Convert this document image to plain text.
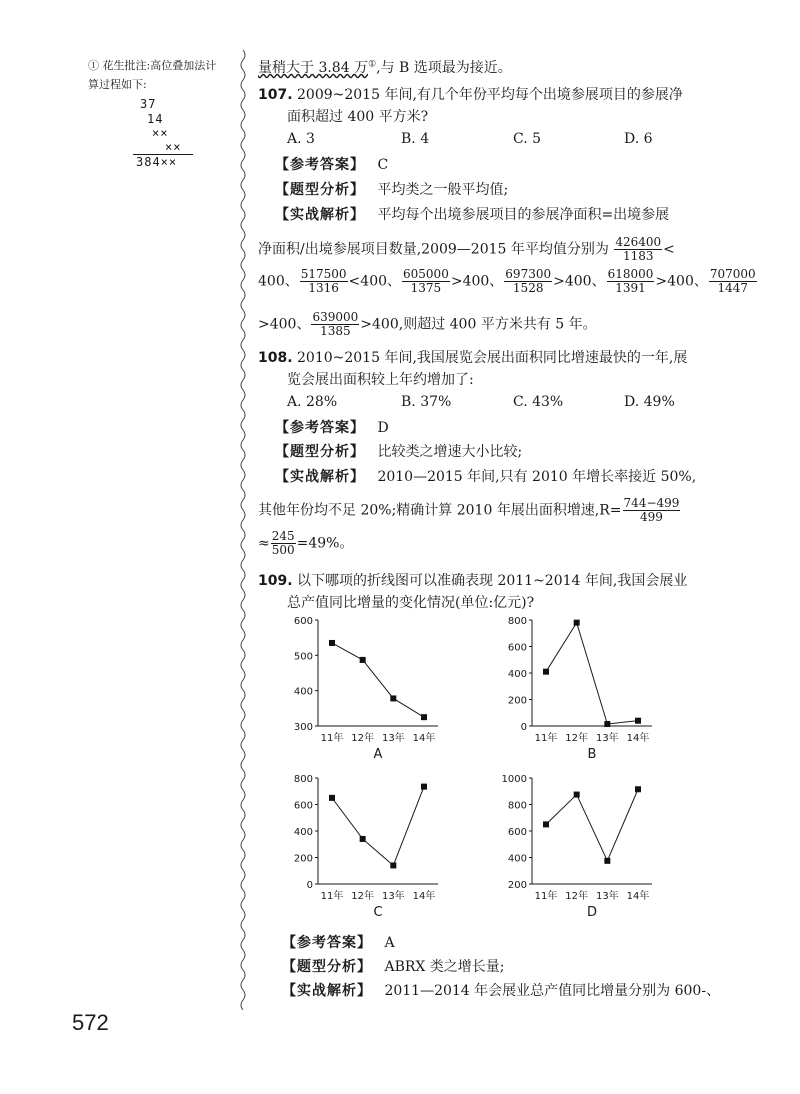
① 花生批注:高位叠加法计
算过程如下:
37
14
××
××
384××
量稍大于 3.84 万①,与 B 选项最为接近。
107. 2009~2015 年间,有几个年份平均每个出境参展项目的参展净
面积超过 400 平方米?
A. 3	B. 4	C. 5	D. 6
【参考答案】 C
【题型分析】 平均类之一般平均值;
【实战解析】 平均每个出境参展项目的参展净面积=出境参展
净面积/出境参展项目数量,2009—2015 年平均值分别为 $\frac{426400}{1183}$ <
400、 $\frac{517500}{1316} <400$、 $\frac{605000}{1375} >400$、 $\frac{697300}{1528} >400$、 $\frac{618000}{1391} >400$、 $\frac{707000}{1447}$
>400、 $\frac{639000}{1385} >400$,则超过 400 平方米共有 5 年。
108. 2010~2015 年间,我国展览会展出面积同比增速最快的一年,展
览会展出面积较上年约增加了:
A. 28%	B. 37%	C. 43%	D. 49%
【参考答案】 D
【题型分析】 比较类之增速大小比较;
【实战解析】 2010—2015 年间,只有 2010 年增长率接近 50%,
其他年份均不足 20%;精确计算 2010 年展出面积增速$,R= \frac{744-499}{499}$
≈ $\frac{245}{500} =49\%$。
109. 以下哪项的折线图可以准确表现 2011~2014 年间,我国会展业
总产值同比增量的变化情况(单位:亿元)?
300
400
500
600
11年 12年 13年 14年
A
0
200
400
600
800
11年 12年 13年 14年
B
0
200
400
600
800
11年 12年 13年 14年
C
200
400
600
800
1000
11年 12年 13年 14年
D
【参考答案】 A
【题型分析】 ABRX 类之增长量;
【实战解析】 2011—2014 年会展业总产值同比增量分别为 600-、
572
